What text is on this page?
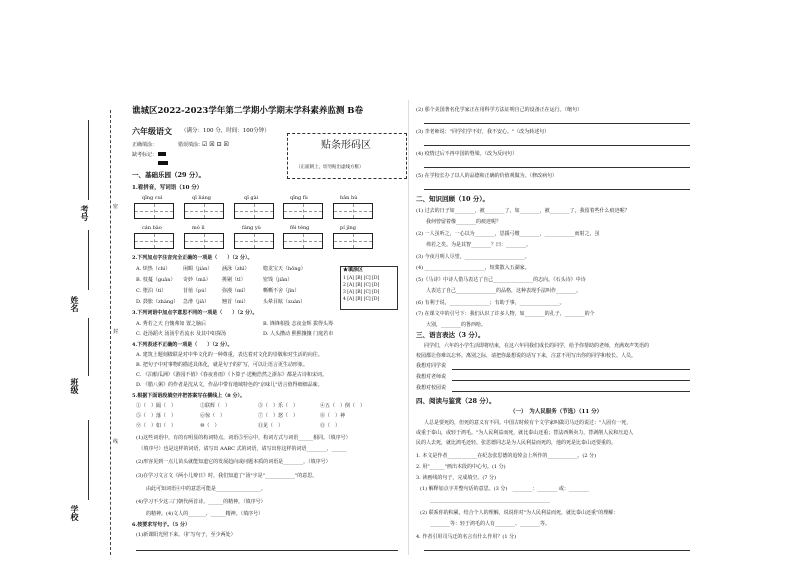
考号
姓名
班级
学校
密
封
线
谯城区2022-2023学年第二学期小学期末学科素养监测 B卷
六年级语文 （满分：100 分，时间：100分钟）
正确填涂：	错误填涂：
☑ ☒ ⊡ ☒
缺考标记：
贴条形码区
（正面朝上，切勿贴出虚线方框）
一、基础乐园（29 分）。
1.看拼音，写词语（10 分）
qīng cuì	qī liáng	qǐ gài	qīng fù	bān hù
cán bào	mó lì	fáng yù	fēi téng	pí jìng
2.下列加点字注音完全正确的一项是（　　）（2 分）。
A. 炽热（chì）	闲暇（jiàn） 涵泳（zhī）	唿龙宝天（hōng）
B. 枝蔓（guān） 奇妙（mǎ） 挑剔（tī）	密饯（jiān）
C. 堕泊（tì）	苜蓿（pú）	弥漫（mǐ）	嘶嘶不舍（jīn）
D. 鼓胀（zhàng） 急滑（jiā）	翘首（mì）	头晕目眩（xuàn）
★填涂区
1 [A] [B] [C] [D]
2 [A] [B] [C] [D]
3 [A] [B] [C] [D]
4 [A] [B] [C] [D]
3.下列词语中加点字意思不同的一项是（　　）（2 分）。
A. 秀若之天 自愧弗如 置之脑后	B. 锋锋相投 志夜金辉 拔得头筹
C. 赴汤蹈火 汤汤乎若流水 及其中如探汤	D. 人头攒动 熙熙攘攘 门庭若市
4.下列表述不正确的一项是（　　）（2 分）。
A. 建筑上题刻楹联是对中华文化的一种尊重，表达着对文化的崇敬和对生活的向往。
B. 把句子中对事物的描述具体化，就是句子的扩写，可以让语言更生动形象。
C. 《泊船瓜洲》《游园不值》《春夜喜雨》《卜算子·送鲍浩然之浙东》都是古诗和宋词。
D. 《腊八粥》的作者是沈从文，作品中带有地域特色的"京味儿"语言值得细细品味。
5.根据下面语段填空并把答案写在横线上（8 分）。
①（　）隔（　）	②联辉（　）	③（　）乐（　）	④五（　）倒（　）
⑤（　）落（　）	⑥惊（　）	⑦（　）怒（　）	⑧（　）神
⑨（　）如（　）	⑩（　）	⑪见（　）	⑫（　）
(1)这些词语中，有的有明显的构词特点，词语⑤至⑥中，构词方式与词语______相同。（填序号）
　（填序号）也是这样的词语，请写出 AABC 式的词语，请写出你这样的词语________，______
(2)形容见到一点儿苗头就能知道它的发展趋向或问题本质的词语是________。（填序号）
(3)在学习文言文《两小儿辩日》时，我们知道了"汤"字是"____________"的意思。
　　由此可知词语④中的意思可能是__________________。
(4)学习不少这三门朝代两首诗。______的精神。（填序号）
　　的精神。(4)文人的_______、______精神。（填序号）
6.按要求写句子。（5 分）
(1)新课阳光照下来。（扩写句子，至少两处）
(2) 那个美国著名化学家正在用科学方法证明自己的设备正在运行。（缩句）
(3) 李老师说："同学们学不好，我不安心。"（改为转述句）
(4) 疫情过后不再中国的脊梁。（改为反问句）
(5) 在学校长办了以人的品德和正确的价值观做为。（修改病句）
二、知识回顾（10 分）。
(1) 过去的日子如________，被________了，如________，被________了，我留着些什么痕迹呢？
　　我何曾留着像________的痕迹呢？
(2) 一人虽听之，一心以为________，思援弓缴________，____________而射之，虽
　　弗若之矣。为是其智________？曰：________。
(3) 今夜月明人尽望，________________________。
(4) ________________________，短桨散入五湖家。
(5)《马诗》中诗人借马表达了自己________________的志向。《石头诗》中诗
　　人表达了自己________________的品格，这种表现手法叫作________。
(6) 有利于说，________________；有助于事，________________。
(7) 在课文中的引号下：我们认识了许多人物，如________的孔子，________的个
　　大别，________的鲁西哈。
三、语言表达（3 分）。
同学们，六年的小学生活即将结束，在这六年同我们成长的同学，给予你帮助的老师，充满欢声笑语的
校园都让你难以忘怀。离别之际，请把你最想说的话写下来，注意不用写出你的同学和校长、人员。
我想对同学说
我想对老师说
我想对校园说
四、阅读与鉴赏（28 分）。
（一）　为人民服务（节选）（11 分）
人总是要死的，但死的意义有不同。中国古时候有个文学家叫做司马迁的说过："人固有一死，
或重于泰山，或轻于鸿毛。"为人民利益而死，就比泰山还重；替法西斯卖力，替剥削人民和压迫人
民的人去死，就比鸿毛还轻。张思德同志是为人民利益而死的，他的死是比泰山还要重的。
1. 本文是作者____________在纪念张思德的追悼会上所作的____________。(2 分)
2. 用"______"画出本段的中心句。(1 分)
3. 读画线的句子，完成填空。(7 分)
(1) 解释加点字并整句话的意思。(3 分)　________：________ 或：________
　　________________________________________________
(2) 联系你的积累，结合个人的理解，说说你对"为人民利益而死，就比泰山还重"的理解：
　　________等：轻于鸿毛的人有________、________等。
4. 作者引用司马迁的名言有什么作用？(1 分)
